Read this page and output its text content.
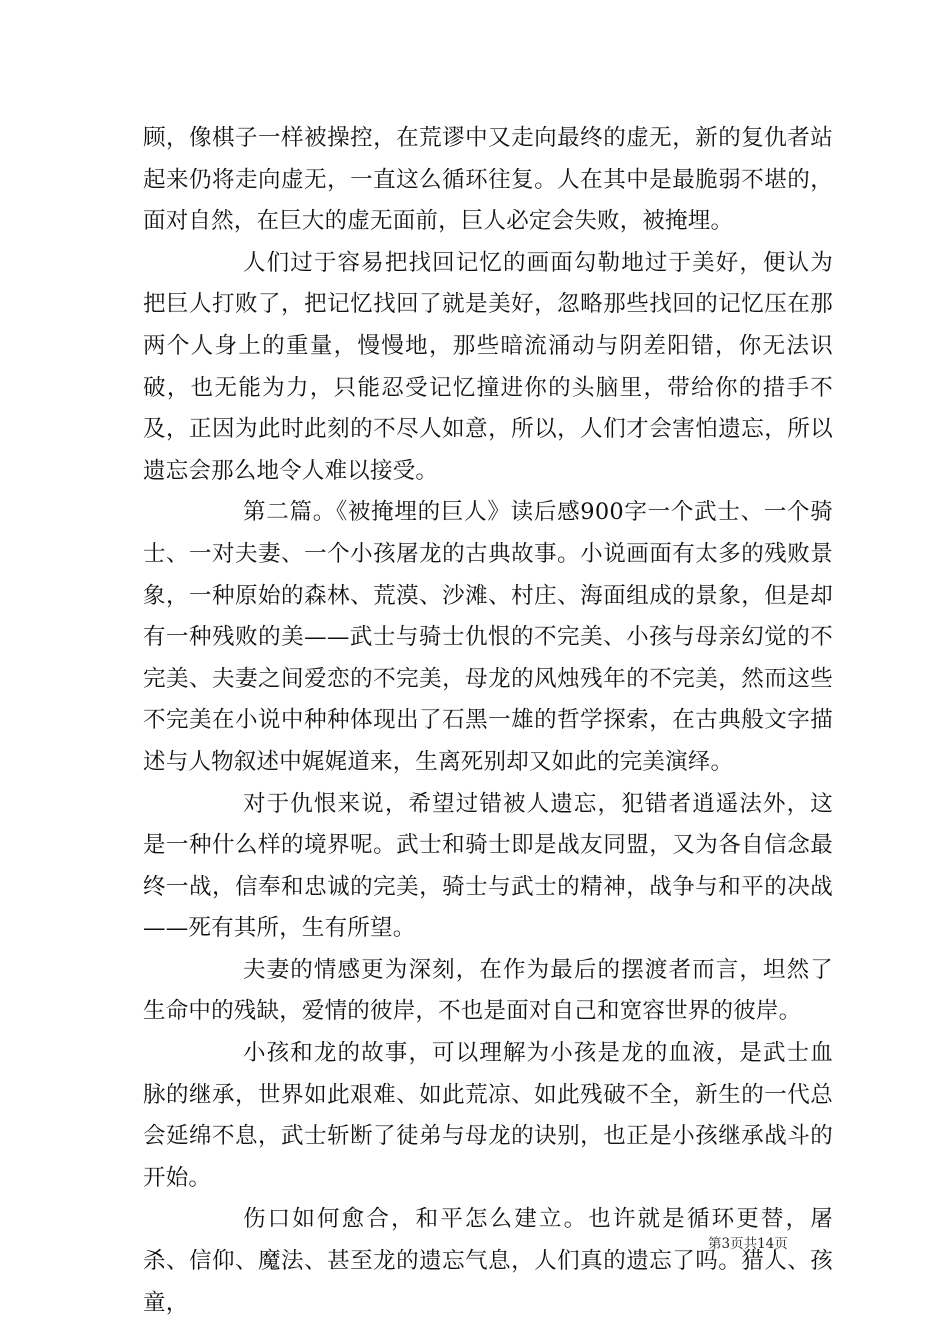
顾，像棋子一样被操控，在荒谬中又走向最终的虚无，新的复仇者站起来仍将走向虚无，一直这么循环往复。人在其中是最脆弱不堪的，面对自然，在巨大的虚无面前，巨人必定会失败，被掩埋。

人们过于容易把找回记忆的画面勾勒地过于美好，便认为把巨人打败了，把记忆找回了就是美好，忽略那些找回的记忆压在那两个人身上的重量，慢慢地，那些暗流涌动与阴差阳错，你无法识破，也无能为力，只能忍受记忆撞进你的头脑里，带给你的措手不及，正因为此时此刻的不尽人如意，所以，人们才会害怕遗忘，所以遗忘会那么地令人难以接受。

第二篇。《被掩埋的巨人》读后感900字一个武士、一个骑士、一对夫妻、一个小孩屠龙的古典故事。小说画面有太多的残败景象，一种原始的森林、荒漠、沙滩、村庄、海面组成的景象，但是却有一种残败的美——武士与骑士仇恨的不完美、小孩与母亲幻觉的不完美、夫妻之间爱恋的不完美，母龙的风烛残年的不完美，然而这些不完美在小说中种种体现出了石黑一雄的哲学探索，在古典般文字描述与人物叙述中娓娓道来，生离死别却又如此的完美演绎。

对于仇恨来说，希望过错被人遗忘，犯错者逍遥法外，这是一种什么样的境界呢。武士和骑士即是战友同盟，又为各自信念最终一战，信奉和忠诚的完美，骑士与武士的精神，战争与和平的决战——死有其所，生有所望。

夫妻的情感更为深刻，在作为最后的摆渡者而言，坦然了生命中的残缺，爱情的彼岸，不也是面对自己和宽容世界的彼岸。

小孩和龙的故事，可以理解为小孩是龙的血液，是武士血脉的继承，世界如此艰难、如此荒凉、如此残破不全，新生的一代总会延绵不息，武士斩断了徒弟与母龙的诀别，也正是小孩继承战斗的开始。

伤口如何愈合，和平怎么建立。也许就是循环更替，屠杀、信仰、魔法、甚至龙的遗忘气息，人们真的遗忘了吗。猎人、孩童，

第3页共14页
